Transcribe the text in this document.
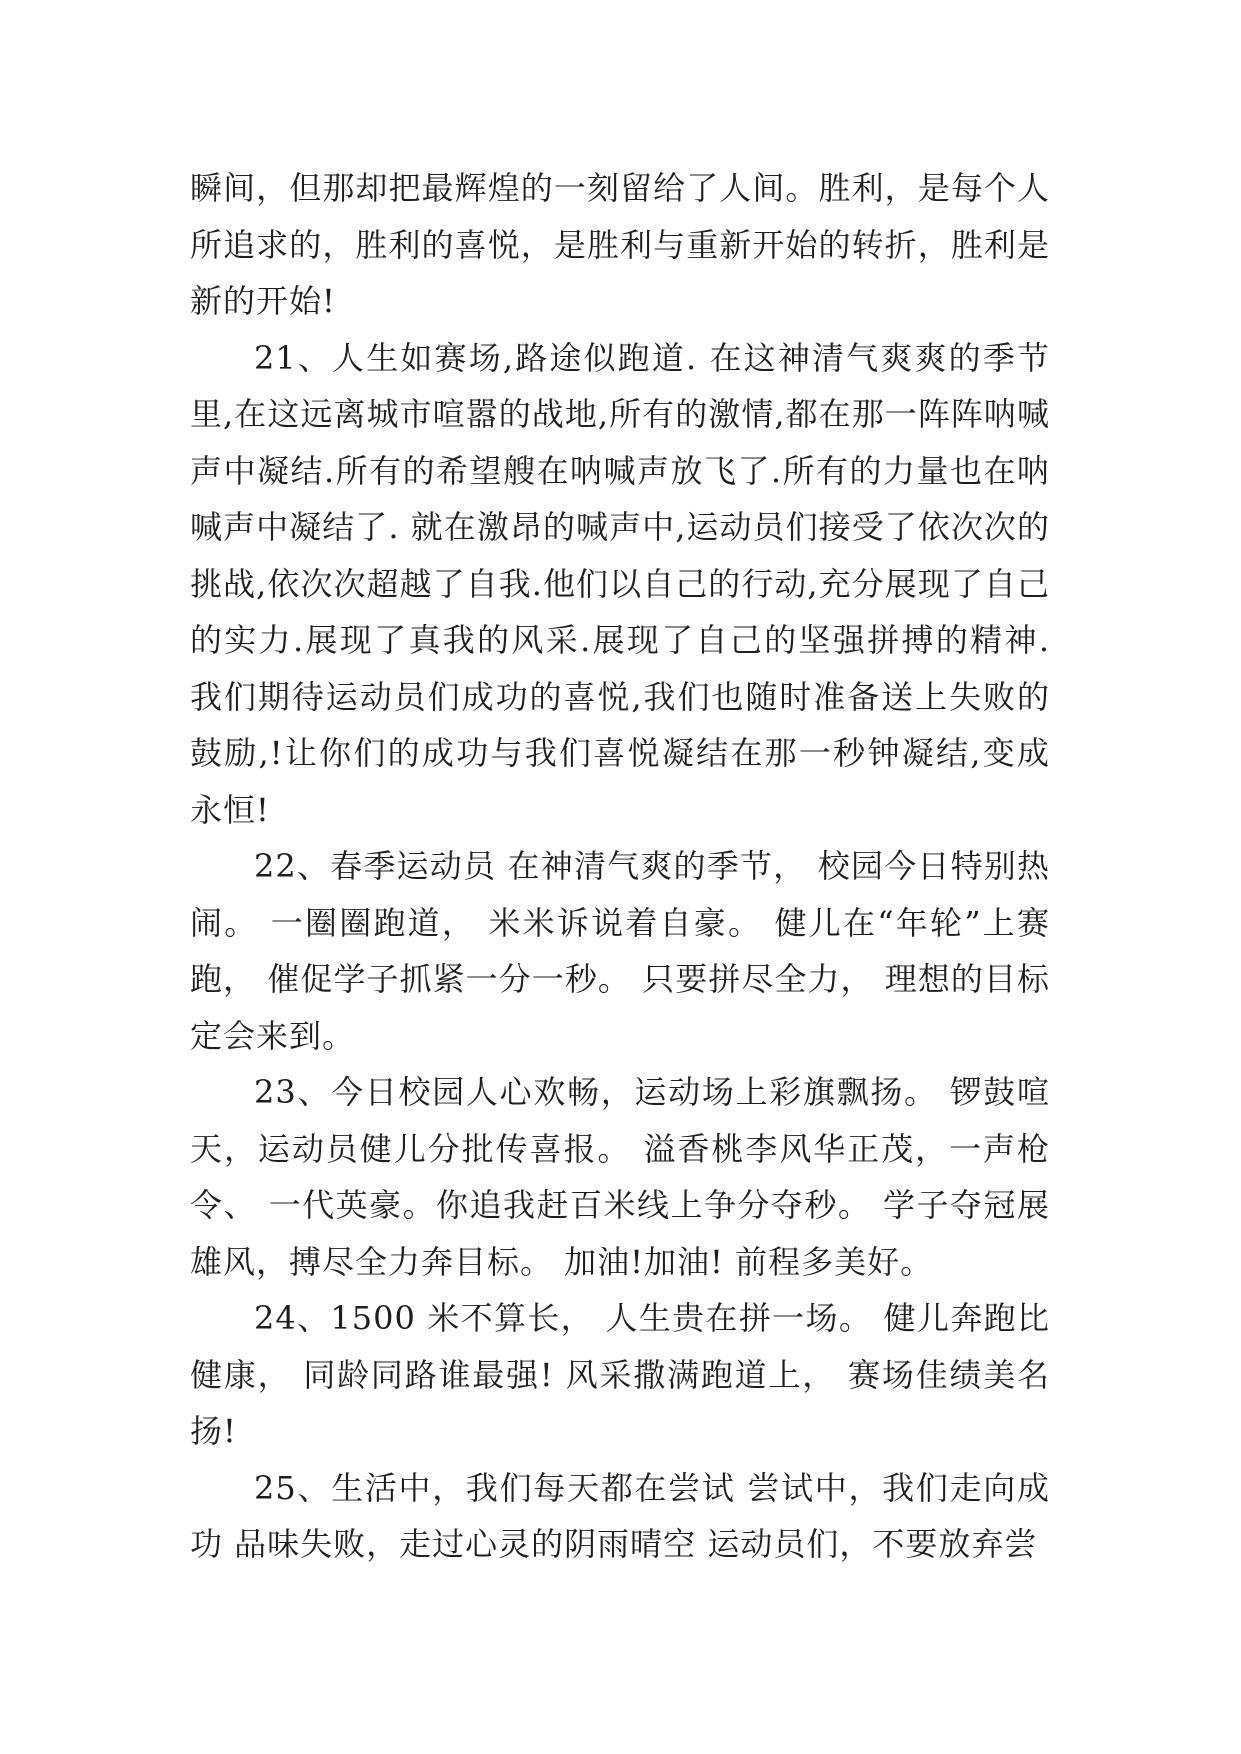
瞬间，但那却把最辉煌的一刻留给了人间。胜利，是每个人所追求的，胜利的喜悦，是胜利与重新开始的转折，胜利是新的开始!

21、人生如赛场,路途似跑道. 在这神清气爽爽的季节里,在这远离城市喧嚣的战地,所有的激情,都在那一阵阵呐喊声中凝结.所有的希望艘在呐喊声放飞了.所有的力量也在呐喊声中凝结了. 就在激昂的喊声中,运动员们接受了依次次的挑战,依次次超越了自我.他们以自己的行动,充分展现了自己的实力.展现了真我的风采.展现了自己的坚强拼搏的精神. 我们期待运动员们成功的喜悦,我们也随时准备送上失败的鼓励,!让你们的成功与我们喜悦凝结在那一秒钟凝结,变成永恒!

22、春季运动员 在神清气爽的季节， 校园今日特别热闹。 一圈圈跑道， 米米诉说着自豪。 健儿在“年轮”上赛跑， 催促学子抓紧一分一秒。 只要拼尽全力， 理想的目标定会来到。

23、今日校园人心欢畅，运动场上彩旗飘扬。 锣鼓喧天，运动员健儿分批传喜报。 溢香桃李风华正茂，一声枪令、 一代英豪。你追我赶百米线上争分夺秒。 学子夺冠展雄风，搏尽全力奔目标。 加油!加油! 前程多美好。

24、1500 米不算长， 人生贵在拼一场。 健儿奔跑比健康， 同龄同路谁最强! 风采撒满跑道上， 赛场佳绩美名扬!

25、生活中，我们每天都在尝试 尝试中，我们走向成功 品味失败，走过心灵的阴雨晴空 运动员们，不要放弃尝
